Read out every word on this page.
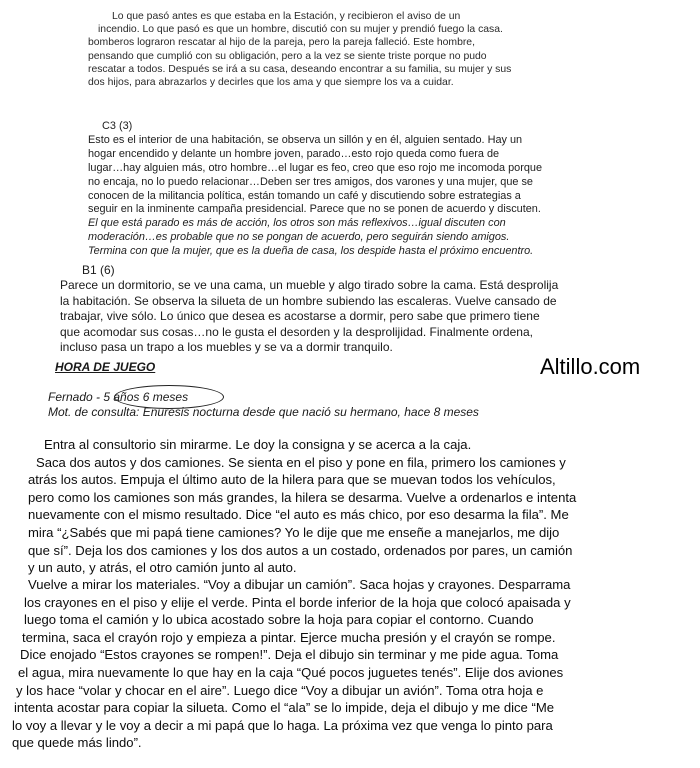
Lo que pasó antes es que estaba en la Estación, y recibieron el aviso de un
incendio. Lo que pasó es que un hombre, discutió con su mujer y prendió fuego la casa.
bomberos lograron rescatar al hijo de la pareja, pero la pareja falleció. Este hombre,
pensando que cumplió con su obligación, pero a la vez se siente triste porque no pudo
rescatar a todos. Después se irá a su casa, deseando encontrar a su familia, su mujer y sus
dos hijos, para abrazarlos y decirles que los ama y que siempre los va a cuidar.
C3 (3)
Esto es el interior de una habitación, se observa un sillón y en él, alguien sentado. Hay un
hogar encendido y delante un hombre joven, parado…esto rojo queda como fuera de
lugar…hay alguien más, otro hombre…el lugar es feo, creo que eso rojo me incomoda porque
no encaja, no lo puedo relacionar…Deben ser tres amigos, dos varones y una mujer, que se
conocen de la militancia política, están tomando un café y discutiendo sobre estrategias a
seguir en la inminente campaña presidencial. Parece que no se ponen de acuerdo y discuten.
El que está parado es más de acción, los otros son más reflexivos…igual discuten con
moderación…es probable que no se pongan de acuerdo, pero seguirán siendo amigos.
Termina con que la mujer, que es la dueña de casa, los despide hasta el próximo encuentro.
B1 (6)
Parece un dormitorio, se ve una cama, un mueble y algo tirado sobre la cama. Está desprolija
la habitación. Se observa la silueta de un hombre subiendo las escaleras. Vuelve cansado de
trabajar, vive sólo. Lo único que desea es acostarse a dormir, pero sabe que primero tiene
que acomodar sus cosas…no le gusta el desorden y la desprolijidad. Finalmente ordena,
incluso pasa un trapo a los muebles y se va a dormir tranquilo.
HORA DE JUEGO	Altillo.com
Fernado - 5 años 6 meses
Mot. de consulta: Enuresis nocturna desde que nació su hermano, hace 8 meses
Entra al consultorio sin mirarme. Le doy la consigna y se acerca a la caja.
Saca dos autos y dos camiones. Se sienta en el piso y pone en fila, primero los camiones y
atrás los autos. Empuja el último auto de la hilera para que se muevan todos los vehículos,
pero como los camiones son más grandes, la hilera se desarma. Vuelve a ordenarlos e intenta
nuevamente con el mismo resultado. Dice “el auto es más chico, por eso desarma la fila”. Me
mira “¿Sabés que mi papá tiene camiones? Yo le dije que me enseñe a manejarlos, me dijo
que sí”. Deja los dos camiones y los dos autos a un costado, ordenados por pares, un camión
y un auto, y atrás, el otro camión junto al auto.
Vuelve a mirar los materiales. “Voy a dibujar un camión”. Saca hojas y crayones. Desparrama
los crayones en el piso y elije el verde. Pinta el borde inferior de la hoja que colocó apaisada y
luego toma el camión y lo ubica acostado sobre la hoja para copiar el contorno. Cuando
termina, saca el crayón rojo y empieza a pintar. Ejerce mucha presión y el crayón se rompe.
Dice enojado “Estos crayones se rompen!”. Deja el dibujo sin terminar y me pide agua. Toma
el agua, mira nuevamente lo que hay en la caja “Qué pocos juguetes tenés”. Elije dos aviones
y los hace “volar y chocar en el aire”. Luego dice “Voy a dibujar un avión”. Toma otra hoja e
intenta acostar para copiar la silueta. Como el “ala” se lo impide, deja el dibujo y me dice “Me
lo voy a llevar y le voy a decir a mi papá que lo haga. La próxima vez que venga lo pinto para
que quede más lindo”.
